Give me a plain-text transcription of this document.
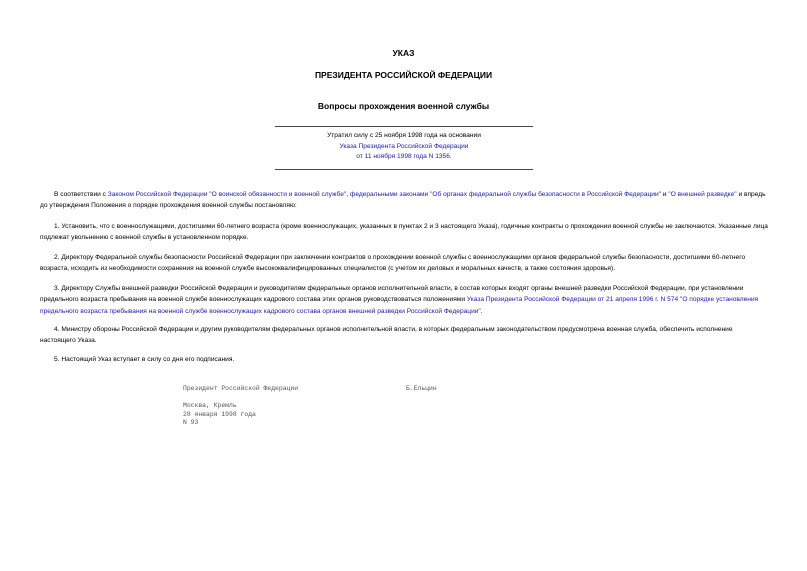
УКАЗ
ПРЕЗИДЕНТА РОССИЙСКОЙ ФЕДЕРАЦИИ
Вопросы прохождения военной службы
Утратил силу с 25 ноября 1998 года на основании
Указа Президента Российской Федерации
от 11 ноября 1998 года N 1356.
В соответствии с Законом Российской Федерации "О воинской обязанности и военной службе", федеральными законами "Об органах федеральной службы безопасности в Российской Федерации" и "О внешней разведке" и впредь до утверждения Положения о порядке прохождения военной службы постановляю:
1. Установить, что с военнослужащими, достигшими 60-летнего возраста (кроме военнослужащих, указанных в пунктах 2 и 3 настоящего Указа), годичные контракты о прохождении военной службы не заключаются. Указанные лица подлежат увольнению с военной службы в установленном порядке.
2. Директору Федеральной службы безопасности Российской Федерации при заключении контрактов о прохождении военной службы с военнослужащими органов федеральной службы безопасности, достигшими 60-летнего возраста, исходить из необходимости сохранения на военной службе высококвалифицированных специалистов (с учетом их деловых и моральных качеств, а также состояния здоровья).
3. Директору Службы внешней разведки Российской Федерации и руководителям федеральных органов исполнительной власти, в состав которых входят органы внешней разведки Российской Федерации, при установлении предельного возраста пребывания на военной службе военнослужащих кадрового состава этих органов руководствоваться положениями Указа Президента Российской Федерации от 21 апреля 1996 г. N 574 "О порядке установления предельного возраста пребывания на военной службе военнослужащих кадрового состава органов внешней разведки Российской Федерации".
4. Министру обороны Российской Федерации и другим руководителям федеральных органов исполнительной власти, в которых федеральным законодательством предусмотрена военная служба, обеспечить исполнение настоящего Указа.
5. Настоящий Указ вступает в силу со дня его подписания.
Президент Российской Федерации	Б.Ельцин
Москва, Кремль
28 января 1998 года
N 93
